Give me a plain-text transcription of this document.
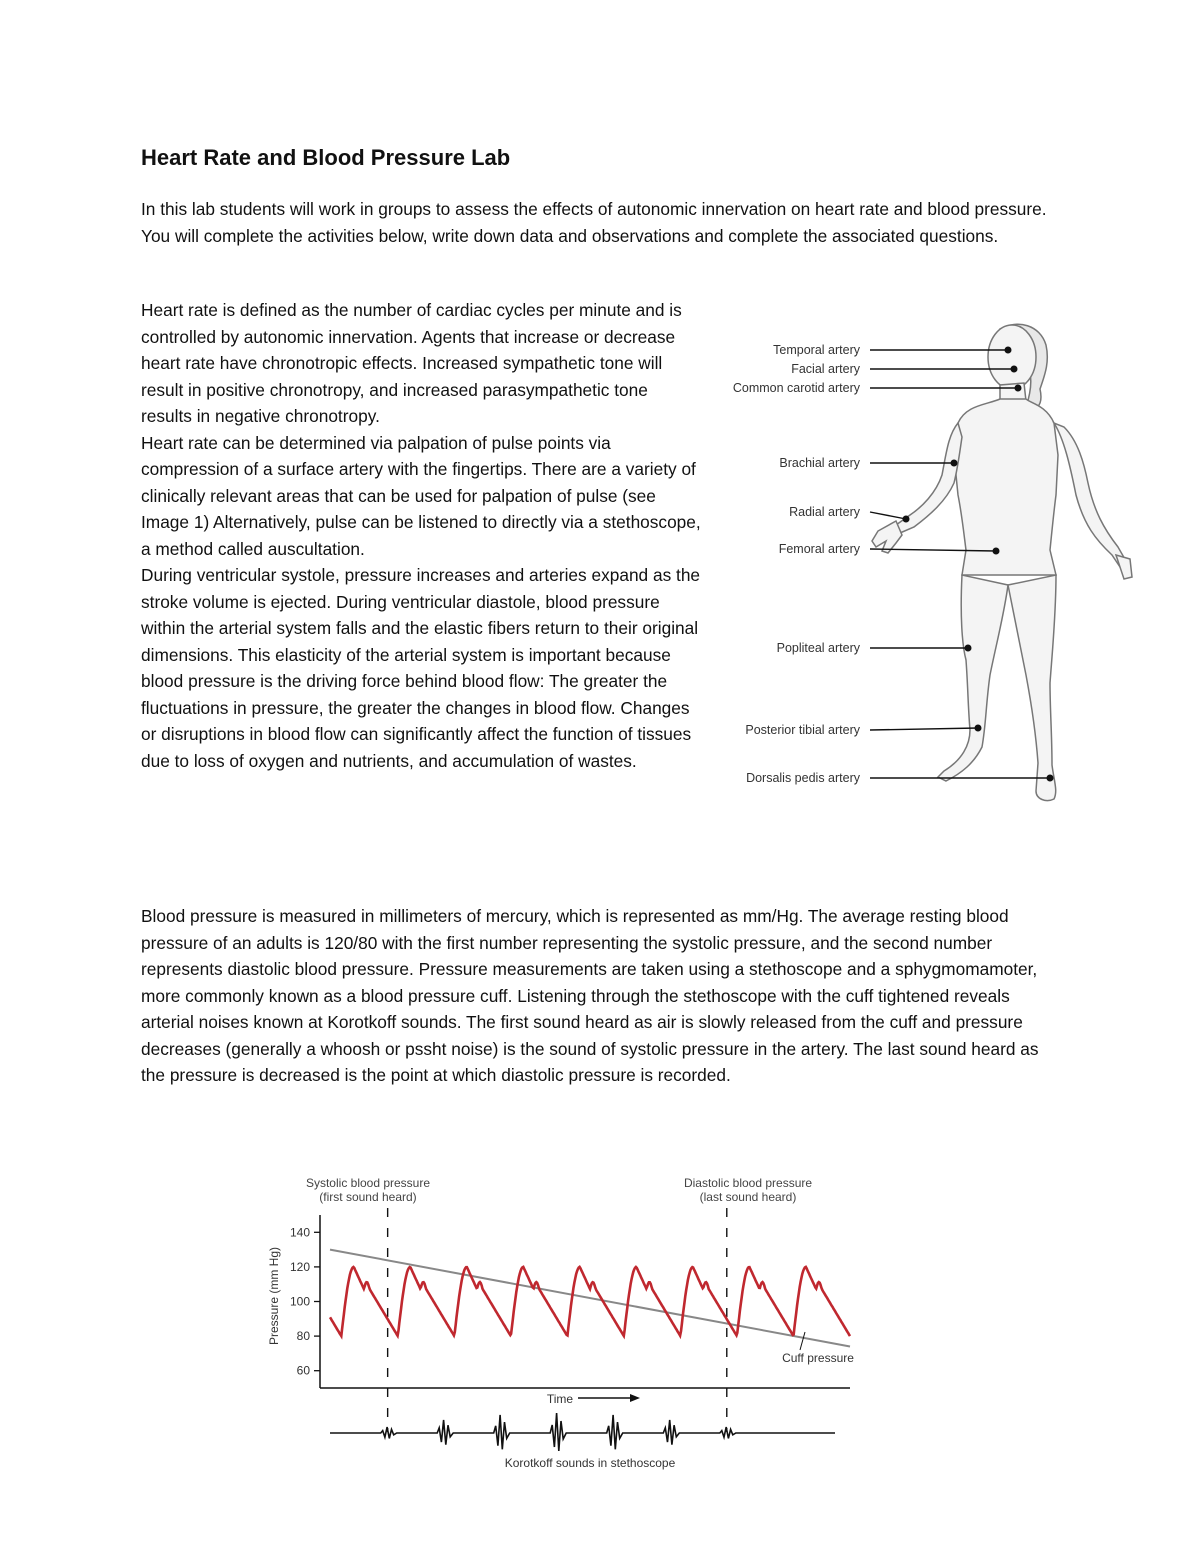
Heart Rate and Blood Pressure Lab

In this lab students will work in groups to assess the effects of autonomic innervation on heart rate and blood pressure. You will complete the activities below, write down data and observations and complete the associated questions.

Heart rate is defined as the number of cardiac cycles per minute and is controlled by autonomic innervation. Agents that increase or decrease heart rate have chronotropic effects. Increased sympathetic tone will result in positive chronotropy, and increased parasympathetic tone results in negative chronotropy.
Heart rate can be determined via palpation of pulse points via compression of a surface artery with the fingertips. There are a variety of clinically relevant areas that can be used for palpation of pulse (see Image 1) Alternatively, pulse can be listened to directly via a stethoscope, a method called auscultation.
During ventricular systole, pressure increases and arteries expand as the stroke volume is ejected. During ventricular diastole, blood pressure within the arterial system falls and the elastic fibers return to their original dimensions. This elasticity of the arterial system is important because blood pressure is the driving force behind blood flow: The greater the fluctuations in pressure, the greater the changes in blood flow. Changes or disruptions in blood flow can significantly affect the function of tissues due to loss of oxygen and nutrients, and accumulation of wastes.

Blood pressure is measured in millimeters of mercury, which is represented as mm/Hg. The average resting blood pressure of an adults is 120/80 with the first number representing the systolic pressure, and the second number represents diastolic blood pressure. Pressure measurements are taken using a stethoscope and a sphygmomamoter, more commonly known as a blood pressure cuff. Listening through the stethoscope with the cuff tightened reveals arterial noises known at Korotkoff sounds. The first sound heard as air is slowly released from the cuff and pressure decreases (generally a whoosh or pssht noise) is the sound of systolic pressure in the artery. The last sound heard as the pressure is decreased is the point at which diastolic pressure is recorded.

Temporal artery
Facial artery
Common carotid artery
Brachial artery
Radial artery
Femoral artery
Popliteal artery
Posterior tibial artery
Dorsalis pedis artery
Systolic blood pressure
(first sound heard)
Diastolic blood pressure
(last sound heard)
Pressure (mm Hg)
60
80
100
120
140
Cuff pressure
Time
Korotkoff sounds in stethoscope
